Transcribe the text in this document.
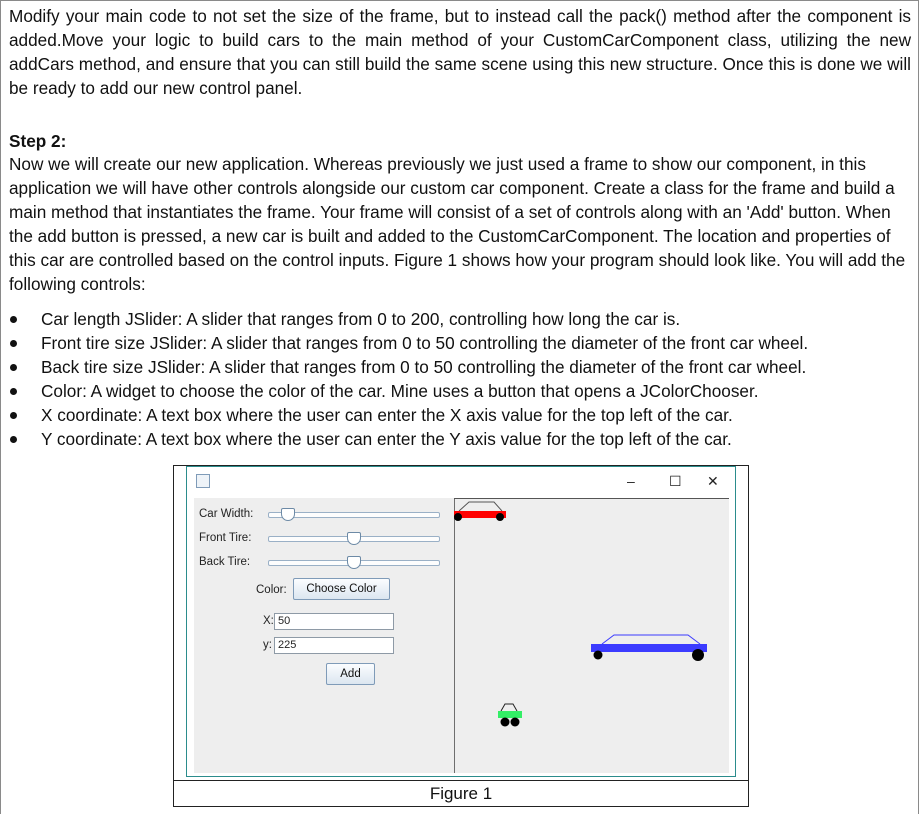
Modify your main code to not set the size of the frame, but to instead call the pack() method after the component is added.Move your logic to build cars to the main method of your CustomCarComponent class, utilizing the new addCars method, and ensure that you can still build the same scene using this new structure. Once this is done we will be ready to add our new control panel.

Step 2:

Now we will create our new application. Whereas previously we just used a frame to show our component, in this application we will have other controls alongside our custom car component. Create a class for the frame and build a main method that instantiates the frame. Your frame will consist of a set of controls along with an 'Add' button. When the add button is pressed, a new car is built and added to the CustomCarComponent. The location and properties of this car are controlled based on the control inputs. Figure 1 shows how your program should look like. You will add the following controls:

Car length JSlider: A slider that ranges from 0 to 200, controlling how long the car is.
Front tire size JSlider: A slider that ranges from 0 to 50 controlling the diameter of the front car wheel.
Back tire size JSlider: A slider that ranges from 0 to 50 controlling the diameter of the front car wheel.
Color: A widget to choose the color of the car. Mine uses a button that opens a JColorChooser.
X coordinate: A text box where the user can enter the X axis value for the top left of the car.
Y coordinate: A text box where the user can enter the Y axis value for the top left of the car.
– ☐ ✕
Car Width:
Front Tire:
Back Tire:
Color:	Choose Color
X: 50
y: 225
Add
Figure 1
